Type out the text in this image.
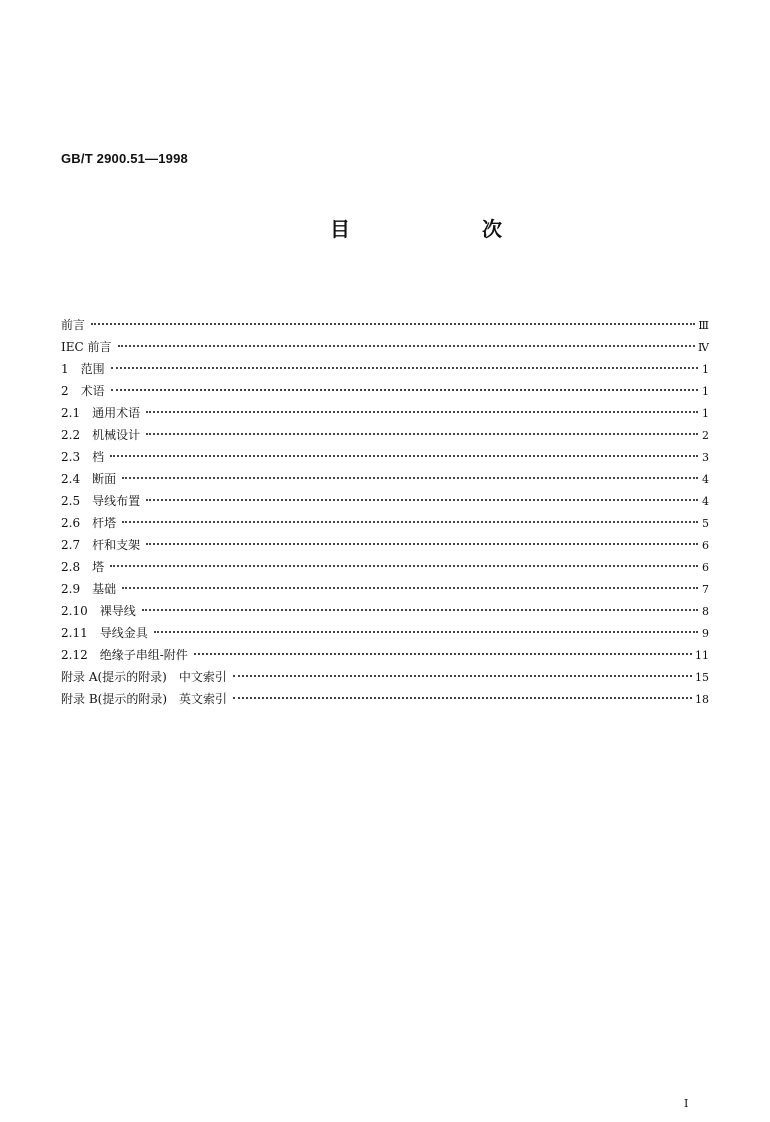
GB/T 2900.51—1998
目　次
前言	Ⅲ
IEC 前言	Ⅳ
1　范围	1
2　术语	1
2.1　通用术语	1
2.2　机械设计	2
2.3　档	3
2.4　断面	4
2.5　导线布置	4
2.6　杆塔	5
2.7　杆和支架	6
2.8　塔	6
2.9　基础	7
2.10　裸导线	8
2.11　导线金具	9
2.12　绝缘子串组-附件	11
附录 A(提示的附录)　中文索引	15
附录 B(提示的附录)　英文索引	18
I
